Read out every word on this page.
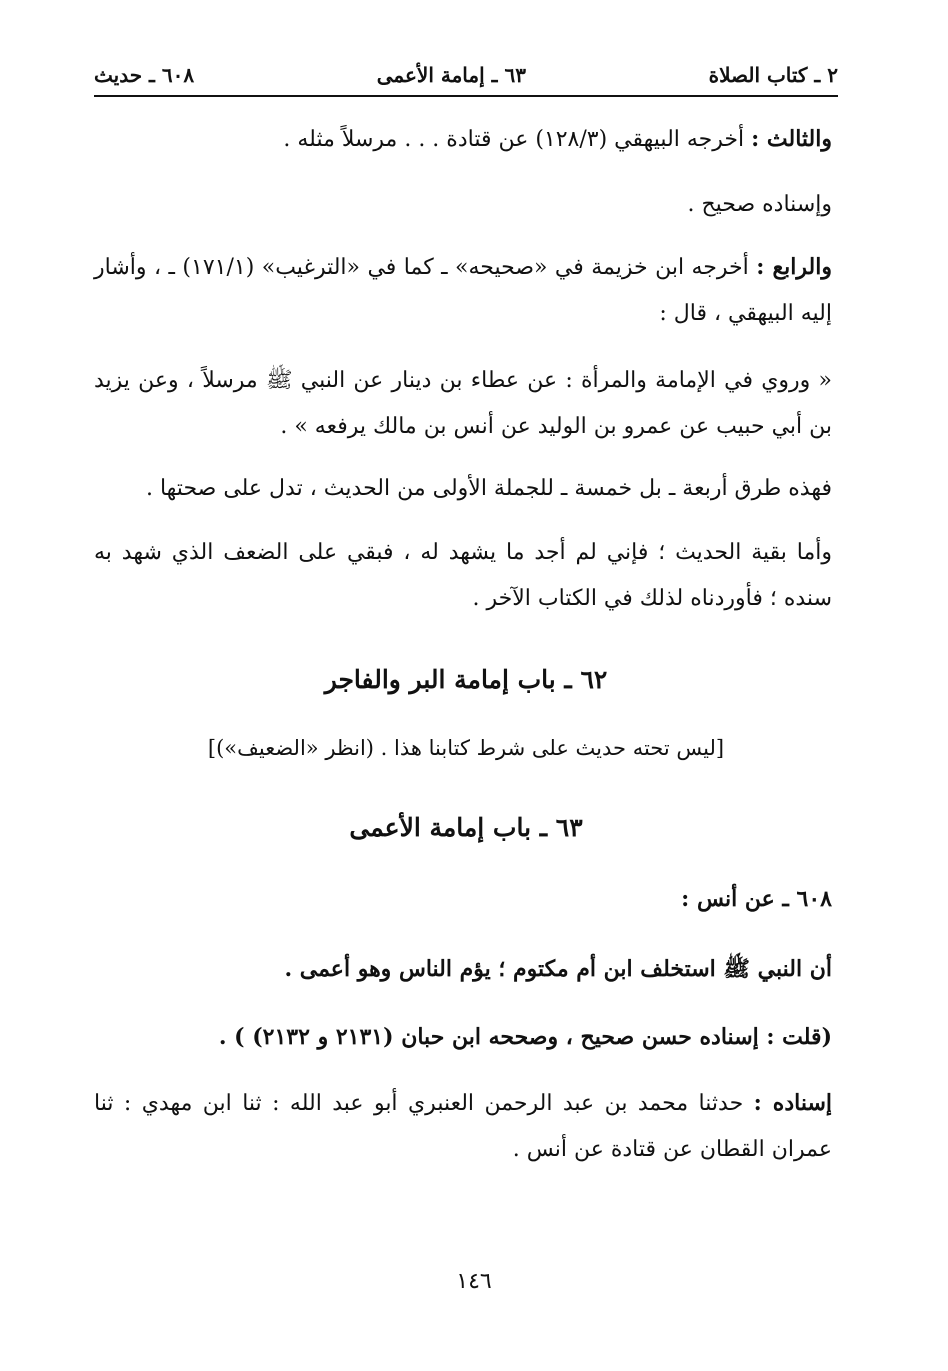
٢ ـ كتاب الصلاة
٦٣ ـ إمامة الأعمى
٦٠٨ ـ حديث
والثالث : أخرجه البيهقي (١٢٨/٣) عن قتادة . . . مرسلاً مثله .
وإسناده صحيح .
والرابع : أخرجه ابن خزيمة في «صحيحه» ـ كما في «الترغيب» (١٧١/١) ـ ، وأشار إليه البيهقي ، قال :
« وروي في الإمامة والمرأة : عن عطاء بن دينار عن النبي ﷺ مرسلاً ، وعن يزيد بن أبي حبيب عن عمرو بن الوليد عن أنس بن مالك يرفعه » .
فهذه طرق أربعة ـ بل خمسة ـ للجملة الأولى من الحديث ، تدل على صحتها .
وأما بقية الحديث ؛ فإني لم أجد ما يشهد له ، فبقي على الضعف الذي شهد به سنده ؛ فأوردناه لذلك في الكتاب الآخر .
٦٢ ـ باب إمامة البر والفاجر
[ليس تحته حديث على شرط كتابنا هذا . (انظر «الضعيف»)]
٦٣ ـ باب إمامة الأعمى
٦٠٨ ـ عن أنس :
أن النبي ﷺ استخلف ابن أم مكتوم ؛ يؤم الناس وهو أعمى .
(قلت : إسناده حسن صحيح ، وصححه ابن حبان (٢١٣١ و ٢١٣٢) ) .
إسناده : حدثنا محمد بن عبد الرحمن العنبري أبو عبد الله : ثنا ابن مهدي : ثنا عمران القطان عن قتادة عن أنس .
١٤٦
